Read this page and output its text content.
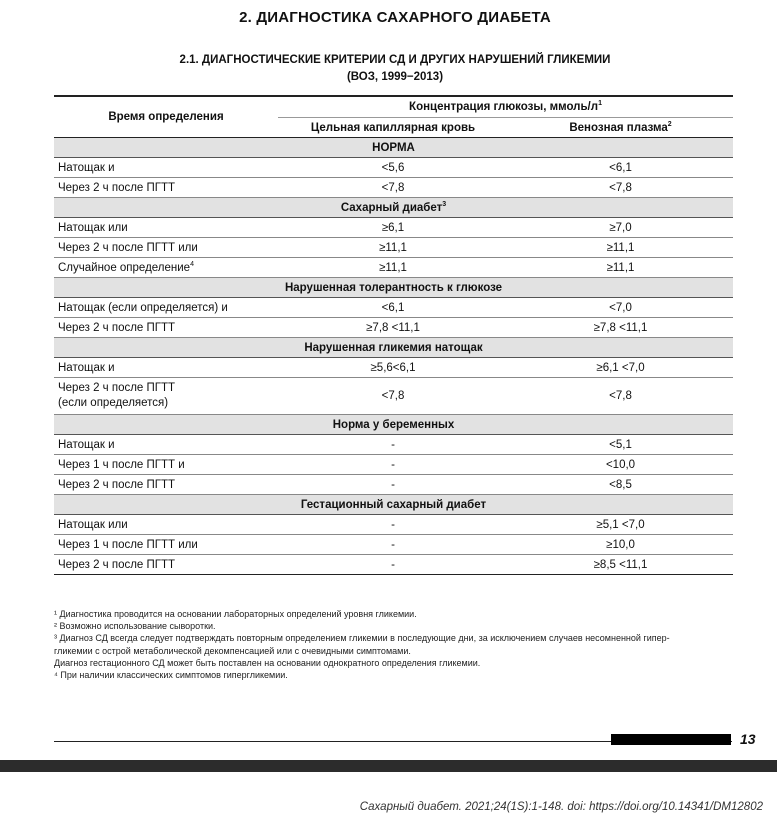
2. ДИАГНОСТИКА САХАРНОГО ДИАБЕТА
2.1. ДИАГНОСТИЧЕСКИЕ КРИТЕРИИ СД И ДРУГИХ НАРУШЕНИЙ ГЛИКЕМИИ
(ВОЗ, 1999−2013)
Время определения	Концентрация глюкозы, ммоль/$л^1$
	Цельная капиллярная кровь	Венозная плазма$^2$
НОРМА		
Натощак и	<5,6	<6,1
Через 2 ч после ПГТТ	<7,8	<7,8
Сахарный диабет$^3$
Натощак или	≥6,1	≥7,0
Через 2 ч после ПГТТ или	≥11,1	≥11,1
Случайное определение$^4$	≥11,1	≥11,1
Нарушенная толерантность к глюкозе		
Натощак (если определяется) и	<6,1	<7,0
Через 2 ч после ПГТТ	≥7,8 <11,1	≥7,8 <11,1
Нарушенная гликемия натощак		
Натощак и	≥5,6<6,1	≥6,1 <7,0
Через 2 ч после ПГТТ
(если определяется)	<7,8	<7,8
Норма у беременных		
Натощак и	-	<5,1
Через 1 ч после ПГТТ и	-	<10,0
Через 2 ч после ПГТТ	-	<8,5
Гестационный сахарный диабет		
Натощак или	-	≥5,1 <7,0
Через 1 ч после ПГТТ или	-	≥10,0
Через 2 ч после ПГТТ	-	≥8,5 <11,1
¹ Диагностика проводится на основании лабораторных определений уровня гликемии.
² Возможно использование сыворотки.
³ Диагноз СД всегда следует подтверждать повторным определением гликемии в последующие дни, за исключением случаев несомненной гипер-
гликемии с острой метаболической декомпенсацией или с очевидными симптомами.
Диагноз гестационного СД может быть поставлен на основании однократного определения гликемии.
⁴ При наличии классических симптомов гипергликемии.
13
Сахарный диабет. 2021;24(1S):1-148. doi: https://doi.org/10.14341/DM12802
